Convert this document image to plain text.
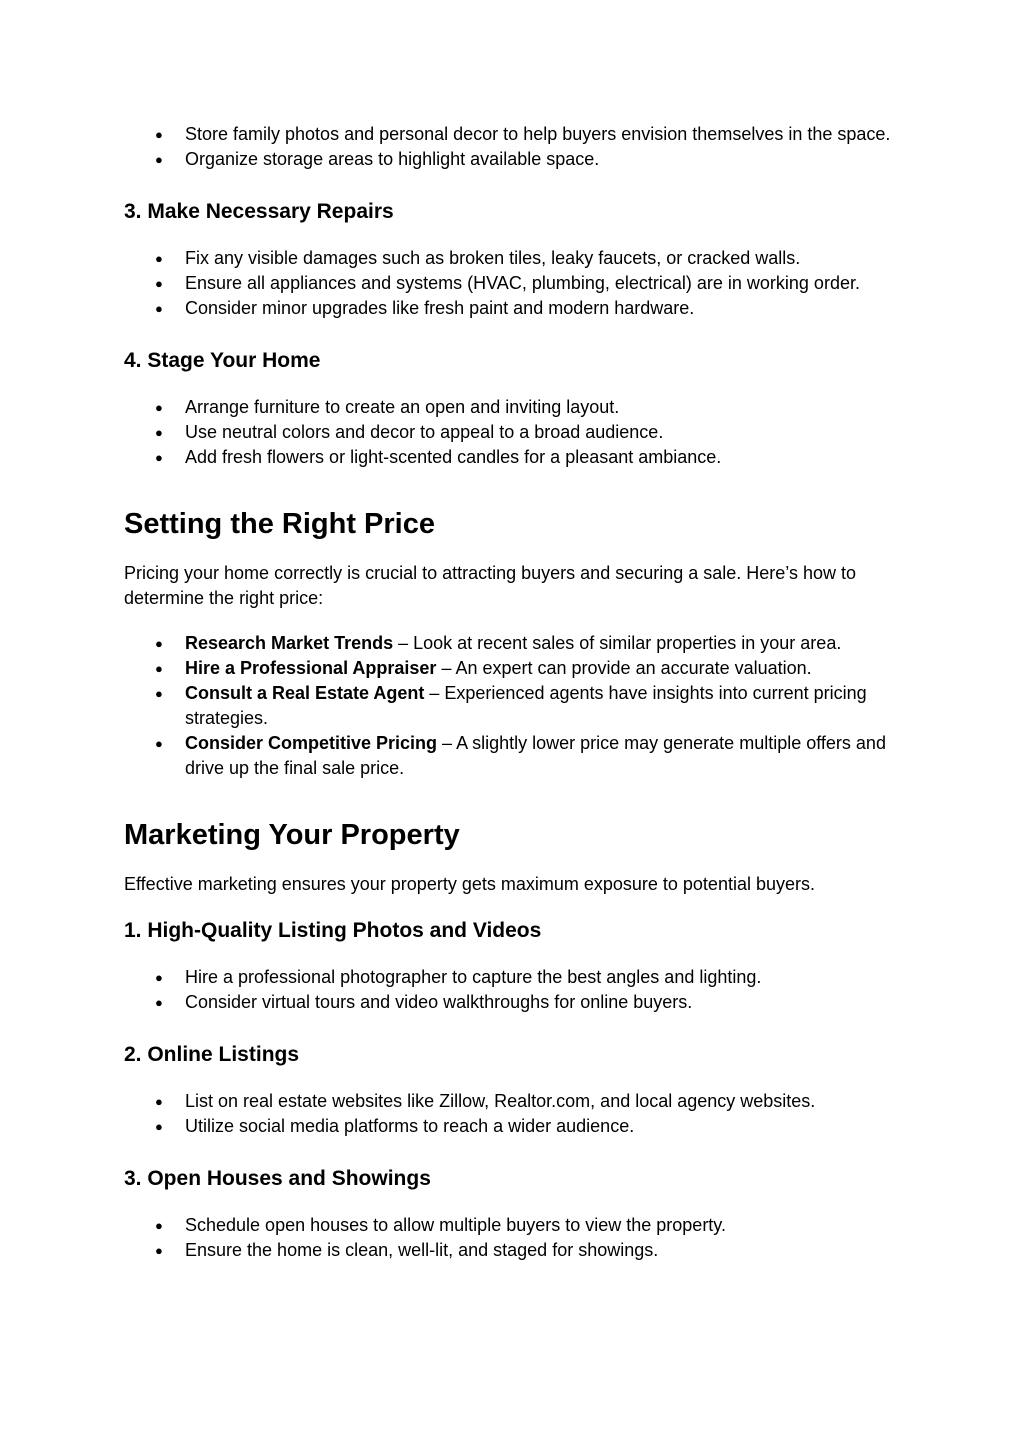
● Store family photos and personal decor to help buyers envision themselves in the space.
● Organize storage areas to highlight available space.
3. Make Necessary Repairs
● Fix any visible damages such as broken tiles, leaky faucets, or cracked walls.
● Ensure all appliances and systems (HVAC, plumbing, electrical) are in working order.
● Consider minor upgrades like fresh paint and modern hardware.
4. Stage Your Home
● Arrange furniture to create an open and inviting layout.
● Use neutral colors and decor to appeal to a broad audience.
● Add fresh flowers or light-scented candles for a pleasant ambiance.
Setting the Right Price

Pricing your home correctly is crucial to attracting buyers and securing a sale. Here’s how to determine the right price:

● Research Market Trends – Look at recent sales of similar properties in your area.
● Hire a Professional Appraiser – An expert can provide an accurate valuation.
● Consult a Real Estate Agent – Experienced agents have insights into current pricing strategies.
● Consider Competitive Pricing – A slightly lower price may generate multiple offers and drive up the final sale price.
Marketing Your Property

Effective marketing ensures your property gets maximum exposure to potential buyers.

1. High-Quality Listing Photos and Videos
● Hire a professional photographer to capture the best angles and lighting.
● Consider virtual tours and video walkthroughs for online buyers.
2. Online Listings
● List on real estate websites like Zillow, Realtor.com, and local agency websites.
● Utilize social media platforms to reach a wider audience.
3. Open Houses and Showings
● Schedule open houses to allow multiple buyers to view the property.
● Ensure the home is clean, well-lit, and staged for showings.
